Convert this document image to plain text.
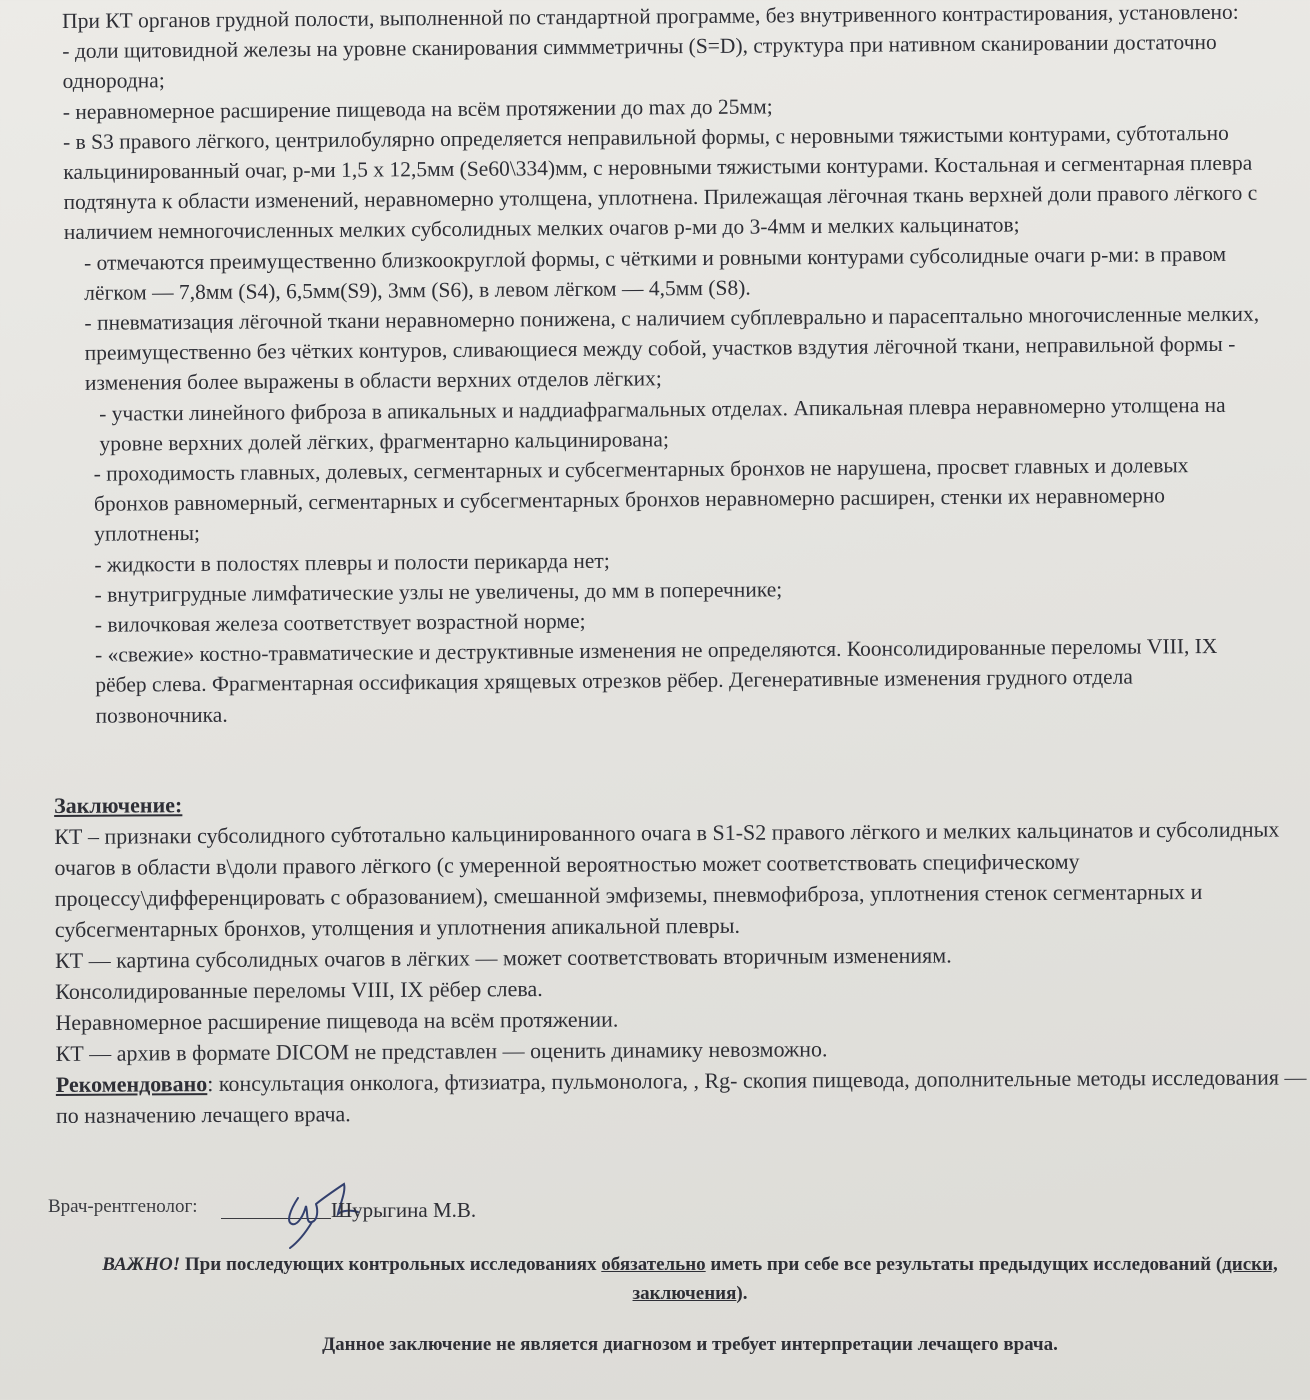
При КТ органов грудной полости, выполненной по стандартной программе, без внутривенного контрастирования, установлено:

- доли щитовидной железы на уровне сканирования симмметричны (S=D), структура при нативном сканировании достаточно однородна;

- неравномерное расширение пищевода на всём протяжении до max до 25мм;

- в S3 правого лёгкого, центрилобулярно определяется неправильной формы, с неровными тяжистыми контурами, субтотально кальцинированный очаг, р-ми 1,5 х 12,5мм (Se60\334)мм, с неровными тяжистыми контурами. Костальная и сегментарная плевра подтянута к области изменений, неравномерно утолщена, уплотнена. Прилежащая лёгочная ткань верхней доли правого лёгкого с наличием немногочисленных мелких субсолидных мелких очагов р-ми до 3-4мм и мелких кальцинатов;

- отмечаются преимущественно близкоокруглой формы, с чёткими и ровными контурами субсолидные очаги р-ми: в правом лёгком — 7,8мм (S4), 6,5мм(S9), 3мм (S6), в левом лёгком — 4,5мм (S8).

- пневматизация лёгочной ткани неравномерно понижена, с наличием субплеврально и парасептально многочисленные мелких, преимущественно без чётких контуров, сливающиеся между собой, участков вздутия лёгочной ткани, неправильной формы - изменения более выражены в области верхних отделов лёгких;

- участки линейного фиброза в апикальных и наддиафрагмальных отделах. Апикальная плевра неравномерно утолщена на уровне верхних долей лёгких, фрагментарно кальцинирована;

- проходимость главных, долевых, сегментарных и субсегментарных бронхов не нарушена, просвет главных и долевых бронхов равномерный, сегментарных и субсегментарных бронхов неравномерно расширен, стенки их неравномерно уплотнены;

- жидкости в полостях плевры и полости перикарда нет;

- внутригрудные лимфатические узлы не увеличены, до мм в поперечнике;

- вилочковая железа соответствует возрастной норме;

- «свежие» костно-травматические и деструктивные изменения не определяются. Коонсолидированные переломы VIII, IX рёбер слева. Фрагментарная оссификация хрящевых отрезков рёбер. Дегенеративные изменения грудного отдела позвоночника.

Заключение:

КТ – признаки субсолидного субтотально кальцинированного очага в S1-S2 правого лёгкого и мелких кальцинатов и субсолидных очагов в области в\доли правого лёгкого (с умеренной вероятностью может соответствовать специфическому процессу\дифференцировать с образованием), смешанной эмфиземы, пневмофиброза, уплотнения стенок сегментарных и субсегментарных бронхов, утолщения и уплотнения апикальной плевры.

КТ — картина субсолидных очагов в лёгких — может соответствовать вторичным изменениям.

Консолидированные переломы VIII, IX рёбер слева.

Неравномерное расширение пищевода на всём протяжении.

КТ — архив в формате DICOM не представлен — оценить динамику невозможно.

Рекомендовано: консультация онколога, фтизиатра, пульмонолога, , Rg- скопия пищевода, дополнительные методы исследования — по назначению лечащего врача.

Врач-рентгенолог:	Шурыгина М.В.

ВАЖНО! При последующих контрольных исследованиях обязательно иметь при себе все результаты предыдущих исследований (диски, заключения).

Данное заключение не является диагнозом и требует интерпретации лечащего врача.
